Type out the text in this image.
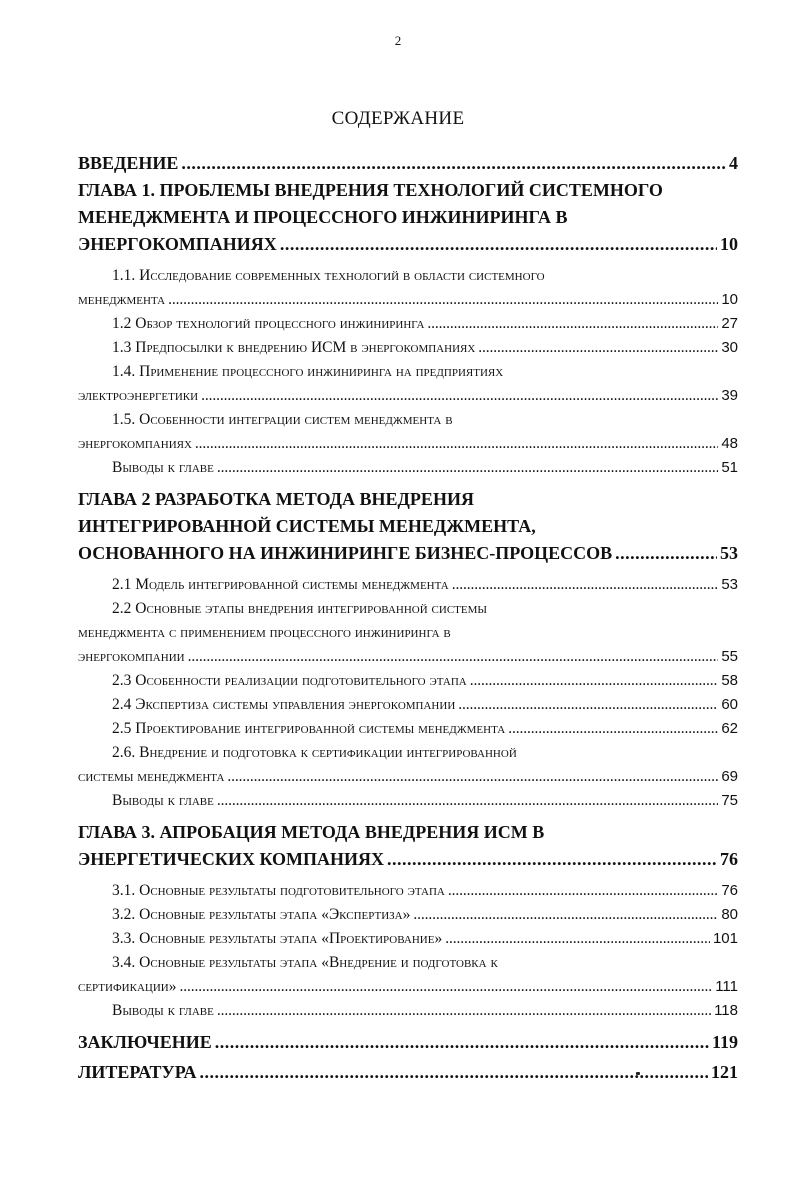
2
СОДЕРЖАНИЕ
ВВЕДЕНИЕ . . .	4
ГЛАВА 1. ПРОБЛЕМЫ ВНЕДРЕНИЯ ТЕХНОЛОГИЙ СИСТЕМНОГО
МЕНЕДЖМЕНТА И ПРОЦЕССНОГО ИНЖИНИРИНГА В
ЭНЕРГОКОМПАНИЯХ . . .	10
1.1. Исследование современных технологий в области системного
менеджмента . . .	10
1.2 Обзор технологий процессного инжиниринга . . .	27
1.3 Предпосылки к внедрению ИСМ в энергокомпаниях . . .	30
1.4. Применение процессного инжиниринга на предприятиях
электроэнергетики . . .	39
1.5. Особенности интеграции систем менеджмента в
энергокомпаниях . . .	48
Выводы к главе . . .	51
ГЛАВА 2 РАЗРАБОТКА МЕТОДА ВНЕДРЕНИЯ
ИНТЕГРИРОВАННОЙ СИСТЕМЫ МЕНЕДЖМЕНТА,
ОСНОВАННОГО НА ИНЖИНИРИНГЕ БИЗНЕС-ПРОЦЕССОВ . . .	53
2.1 Модель интегрированной системы менеджмента . . .	53
2.2 Основные этапы внедрения интегрированной системы
менеджмента с применением процессного инжиниринга в
энергокомпании . . .	55
2.3 Особенности реализации подготовительного этапа . . .	58
2.4 Экспертиза системы управления энергокомпании . . .	60
2.5 Проектирование интегрированной системы менеджмента . . .	62
2.6. Внедрение и подготовка к сертификации интегрированной
системы менеджмента . . .	69
Выводы к главе . . .	75
ГЛАВА 3. АПРОБАЦИЯ МЕТОДА ВНЕДРЕНИЯ ИСМ В
ЭНЕРГЕТИЧЕСКИХ КОМПАНИЯХ . . .	76
3.1. Основные результаты подготовительного этапа . . .	76
3.2. Основные результаты этапа «Экспертиза» . . .	80
3.3. Основные результаты этапа «Проектирование» . . .	101
3.4. Основные результаты этапа «Внедрение и подготовка к
сертификации» . . .	111
Выводы к главе . . .	118
ЗАКЛЮЧЕНИЕ . . .	119
ЛИТЕРАТУРА . . .	121
